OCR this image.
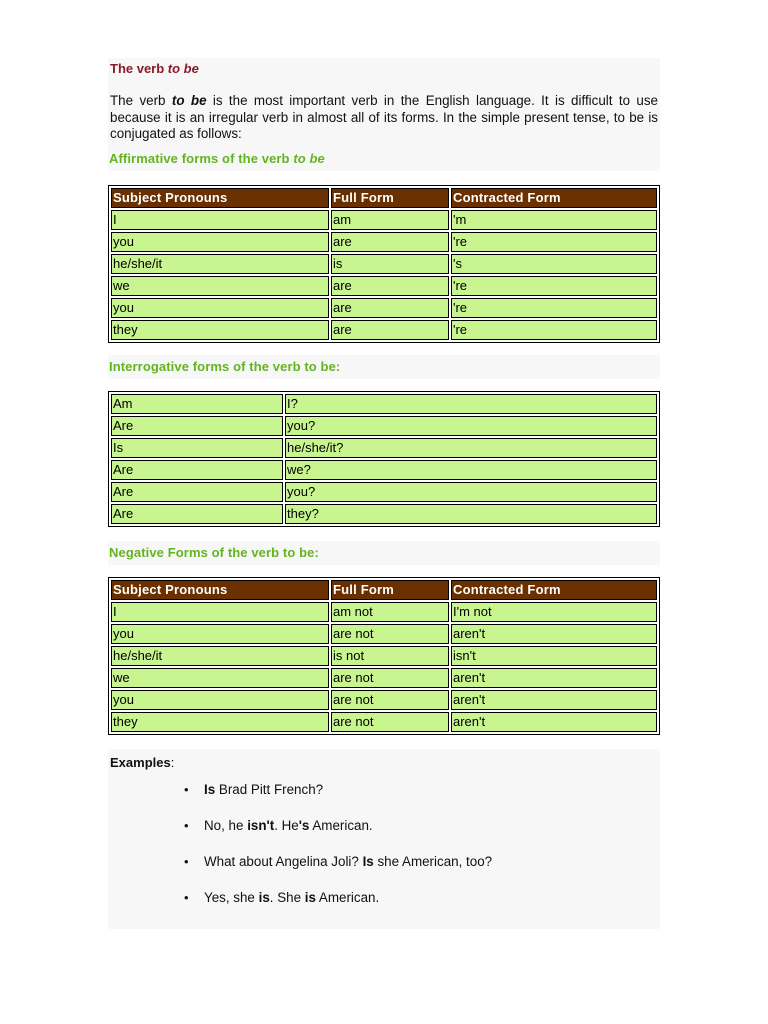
The verb to be

The verb to be is the most important verb in the English language. It is difficult to use because it is an irregular verb in almost all of its forms. In the simple present tense, to be is conjugated as follows:

Affirmative forms of the verb to be
Subject Pronouns	Full Form	Contracted Form
I	am	'm
you	are	're
he/she/it	is	's
we	are	're
you	are	're
they	are	're
Interrogative forms of the verb to be:
Am	I?
Are	you?
Is	he/she/it?
Are	we?
Are	you?
Are	they?
Negative Forms of the verb to be:
Subject Pronouns	Full Form	Contracted Form
I	am not	I'm not
you	are not	aren't
he/she/it	is not	isn't
we	are not	aren't
you	are not	aren't
they	are not	aren't

Examples:

• Is Brad Pitt French?
• No, he isn't. He's American.
• What about Angelina Joli? Is she American, too?
• Yes, she is. She is American.
